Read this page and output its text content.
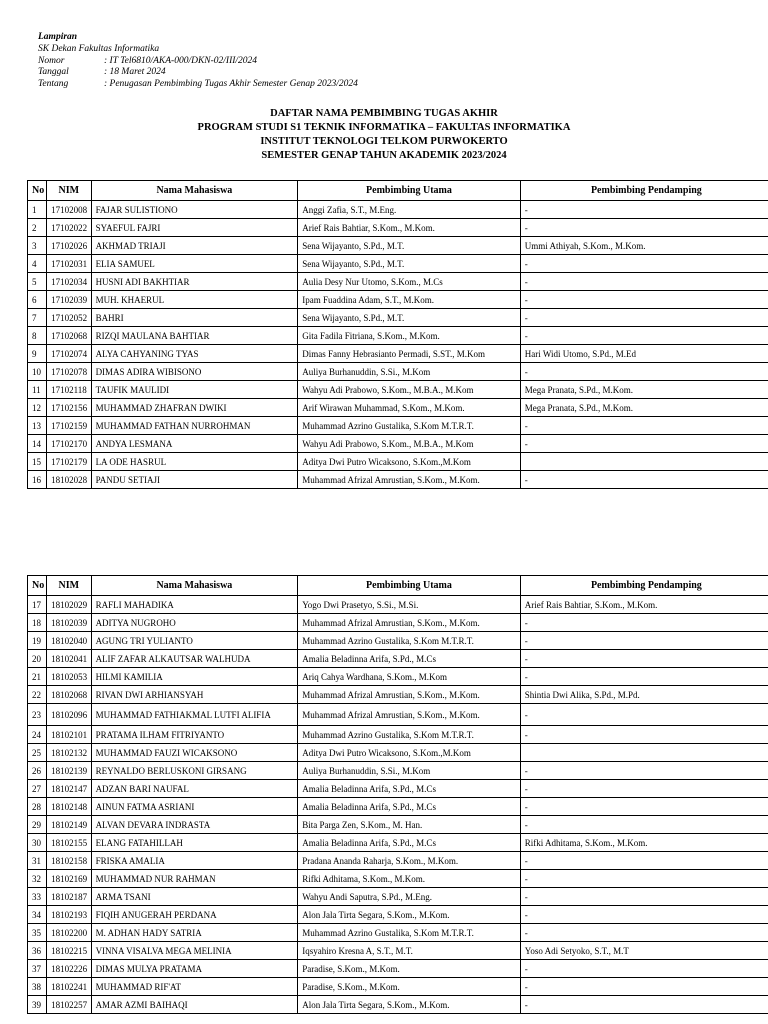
Lampiran
SK Dekan Fakultas Informatika
Nomor	: IT Tel6810/AKA-000/DKN-02/III/2024
Tanggal	: 18 Maret 2024
Tentang	: Penugasan Pembimbing Tugas Akhir Semester Genap 2023/2024
DAFTAR NAMA PEMBIMBING TUGAS AKHIR
PROGRAM STUDI S1 TEKNIK INFORMATIKA – FAKULTAS INFORMATIKA
INSTITUT TEKNOLOGI TELKOM PURWOKERTO
SEMESTER GENAP TAHUN AKADEMIK 2023/2024
No	NIM	Nama Mahasiswa	Pembimbing Utama	Pembimbing Pendamping
1	17102008	FAJAR SULISTIONO	Anggi Zafia, S.T., M.Eng.	-
2	17102022	SYAEFUL FAJRI	Arief Rais Bahtiar, S.Kom., M.Kom.	-
3	17102026	AKHMAD TRIAJI	Sena Wijayanto, S.Pd., M.T.	Ummi Athiyah, S.Kom., M.Kom.
4	17102031	ELIA SAMUEL	Sena Wijayanto, S.Pd., M.T.	-
5	17102034	HUSNI ADI BAKHTIAR	Aulia Desy Nur Utomo, S.Kom., M.Cs	-
6	17102039	MUH. KHAERUL	Ipam Fuaddina Adam, S.T., M.Kom.	-
7	17102052	BAHRI	Sena Wijayanto, S.Pd., M.T.	-
8	17102068	RIZQI MAULANA BAHTIAR	Gita Fadila Fitriana, S.Kom., M.Kom.	-
9	17102074	ALYA CAHYANING TYAS	Dimas Fanny Hebrasianto Permadi, S.ST., M.Kom	Hari Widi Utomo, S.Pd., M.Ed
10	17102078	DIMAS ADIRA WIBISONO	Auliya Burhanuddin, S.Si., M.Kom	-
11	17102118	TAUFIK MAULIDI	Wahyu Adi Prabowo, S.Kom., M.B.A., M.Kom	Mega Pranata, S.Pd., M.Kom.
12	17102156	MUHAMMAD ZHAFRAN DWIKI	Arif Wirawan Muhammad, S.Kom., M.Kom.	Mega Pranata, S.Pd., M.Kom.
13	17102159	MUHAMMAD FATHAN NURROHMAN	Muhammad Azrino Gustalika, S.Kom M.T.R.T.	-
14	17102170	ANDYA LESMANA	Wahyu Adi Prabowo, S.Kom., M.B.A., M.Kom	-
15	17102179	LA ODE HASRUL	Aditya Dwi Putro Wicaksono, S.Kom.,M.Kom	
16	18102028	PANDU SETIAJI	Muhammad Afrizal Amrustian, S.Kom., M.Kom.	-
No	NIM	Nama Mahasiswa	Pembimbing Utama	Pembimbing Pendamping
17	18102029	RAFLI MAHADIKA	Yogo Dwi Prasetyo, S.Si., M.Si.	Arief Rais Bahtiar, S.Kom., M.Kom.
18	18102039	ADITYA NUGROHO	Muhammad Afrizal Amrustian, S.Kom., M.Kom.	-
19	18102040	AGUNG TRI YULIANTO	Muhammad Azrino Gustalika, S.Kom M.T.R.T.	-
20	18102041	ALIF ZAFAR ALKAUTSAR WALHUDA	Amalia Beladinna Arifa, S.Pd., M.Cs	-
21	18102053	HILMI KAMILIA	Ariq Cahya Wardhana, S.Kom., M.Kom	-
22	18102068	RIVAN DWI ARHIANSYAH	Muhammad Afrizal Amrustian, S.Kom., M.Kom.	Shintia Dwi Alika, S.Pd., M.Pd.
23	18102096	MUHAMMAD FATHIAKMAL LUTFI ALIFIA	Muhammad Afrizal Amrustian, S.Kom., M.Kom.	-
24	18102101	PRATAMA ILHAM FITRIYANTO	Muhammad Azrino Gustalika, S.Kom M.T.R.T.	-
25	18102132	MUHAMMAD FAUZI WICAKSONO	Aditya Dwi Putro Wicaksono, S.Kom.,M.Kom	
26	18102139	REYNALDO BERLUSKONI GIRSANG	Auliya Burhanuddin, S.Si., M.Kom	-
27	18102147	ADZAN BARI NAUFAL	Amalia Beladinna Arifa, S.Pd., M.Cs	-
28	18102148	AINUN FATMA ASRIANI	Amalia Beladinna Arifa, S.Pd., M.Cs	-
29	18102149	ALVAN DEVARA INDRASTA	Bita Parga Zen, S.Kom., M. Han.	-
30	18102155	ELANG FATAHILLAH	Amalia Beladinna Arifa, S.Pd., M.Cs	Rifki Adhitama, S.Kom., M.Kom.
31	18102158	FRISKA AMALIA	Pradana Ananda Raharja, S.Kom., M.Kom.	-
32	18102169	MUHAMMAD NUR RAHMAN	Rifki Adhitama, S.Kom., M.Kom.	-
33	18102187	ARMA TSANI	Wahyu Andi Saputra, S.Pd., M.Eng.	-
34	18102193	FIQIH ANUGERAH PERDANA	Alon Jala Tirta Segara, S.Kom., M.Kom.	-
35	18102200	M. ADHAN HADY SATRIA	Muhammad Azrino Gustalika, S.Kom M.T.R.T.	-
36	18102215	VINNA VISALVA MEGA MELINIA	Iqsyahiro Kresna A, S.T., M.T.	Yoso Adi Setyoko, S.T., M.T
37	18102226	DIMAS MULYA PRATAMA	Paradise, S.Kom., M.Kom.	-
38	18102241	MUHAMMAD RIF'AT	Paradise, S.Kom., M.Kom.	-
39	18102257	AMAR AZMI BAIHAQI	Alon Jala Tirta Segara, S.Kom., M.Kom.	-
